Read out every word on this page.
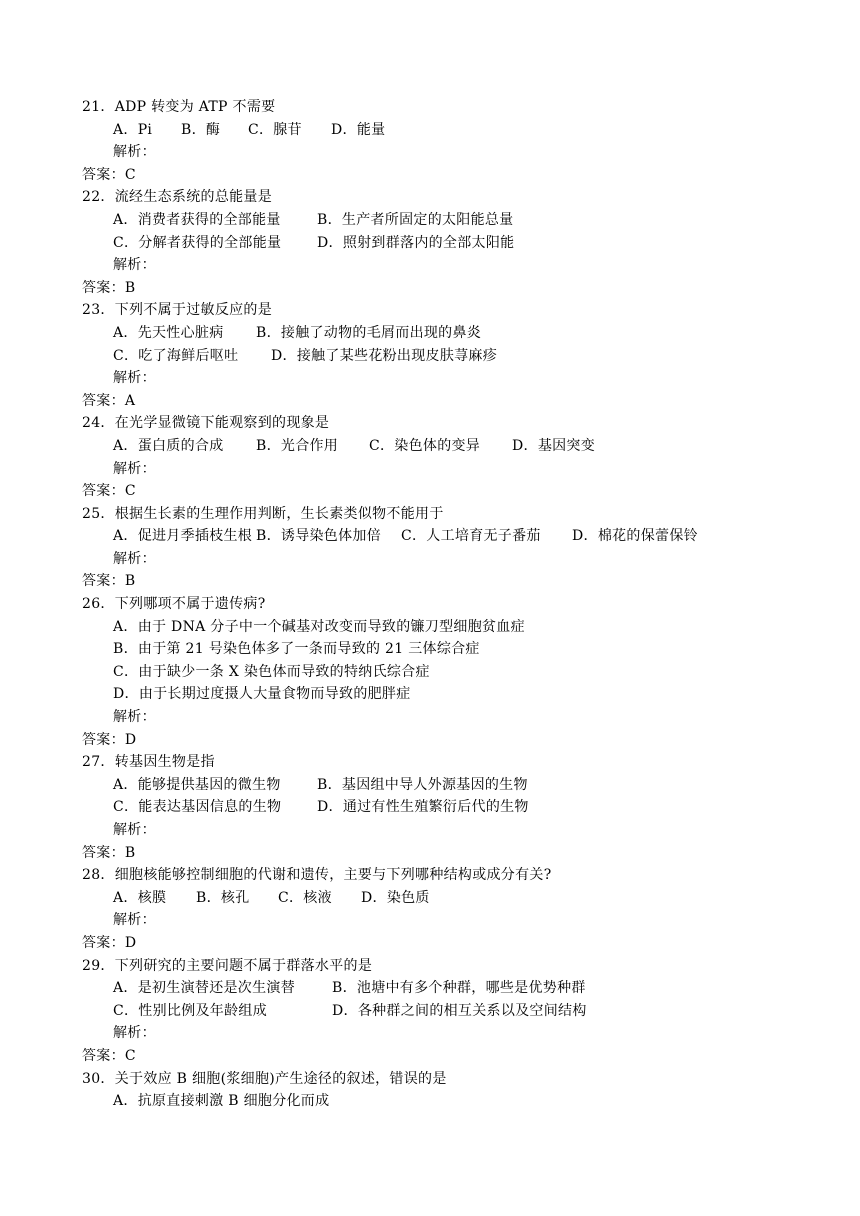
21．ADP 转变为 ATP 不需要
A．Pi B．酶 C．腺苷 D．能量
解析：
答案：C
22．流经生态系统的总能量是
A．消费者获得的全部能量	B．生产者所固定的太阳能总量
C．分解者获得的全部能量	D．照射到群落内的全部太阳能
解析：
答案：B
23．下列不属于过敏反应的是
A．先天性心脏病 B．接触了动物的毛屑而出现的鼻炎
C．吃了海鲜后呕吐 D．接触了某些花粉出现皮肤荨麻疹
解析：
答案：A
24．在光学显微镜下能观察到的现象是
A．蛋白质的合成 B．光合作用 C．染色体的变异 D．基因突变
解析：
答案：C
25．根据生长素的生理作用判断，生长素类似物不能用于
A．促进月季插枝生根 B．诱导染色体加倍 C．人工培育无子番茄 D．棉花的保蕾保铃
解析：
答案：B
26．下列哪项不属于遗传病?
A．由于 DNA 分子中一个碱基对改变而导致的镰刀型细胞贫血症
B．由于第 21 号染色体多了一条而导致的 21 三体综合症
C．由于缺少一条 X 染色体而导致的特纳氏综合症
D．由于长期过度摄人大量食物而导致的肥胖症
解析：
答案：D
27．转基因生物是指
A．能够提供基因的微生物	B．基因组中导人外源基因的生物
C．能表达基因信息的生物	D．通过有性生殖繁衍后代的生物
解析：
答案：B
28．细胞核能够控制细胞的代谢和遗传，主要与下列哪种结构或成分有关?
A．核膜 B．核孔 C．核液 D．染色质
解析：
答案：D
29．下列研究的主要问题不属于群落水平的是
A．是初生演替还是次生演替	B．池塘中有多个种群，哪些是优势种群
C．性别比例及年龄组成	D．各种群之间的相互关系以及空间结构
解析：
答案：C
30．关于效应 B 细胞(浆细胞)产生途径的叙述，错误的是
A．抗原直接刺激 B 细胞分化而成
